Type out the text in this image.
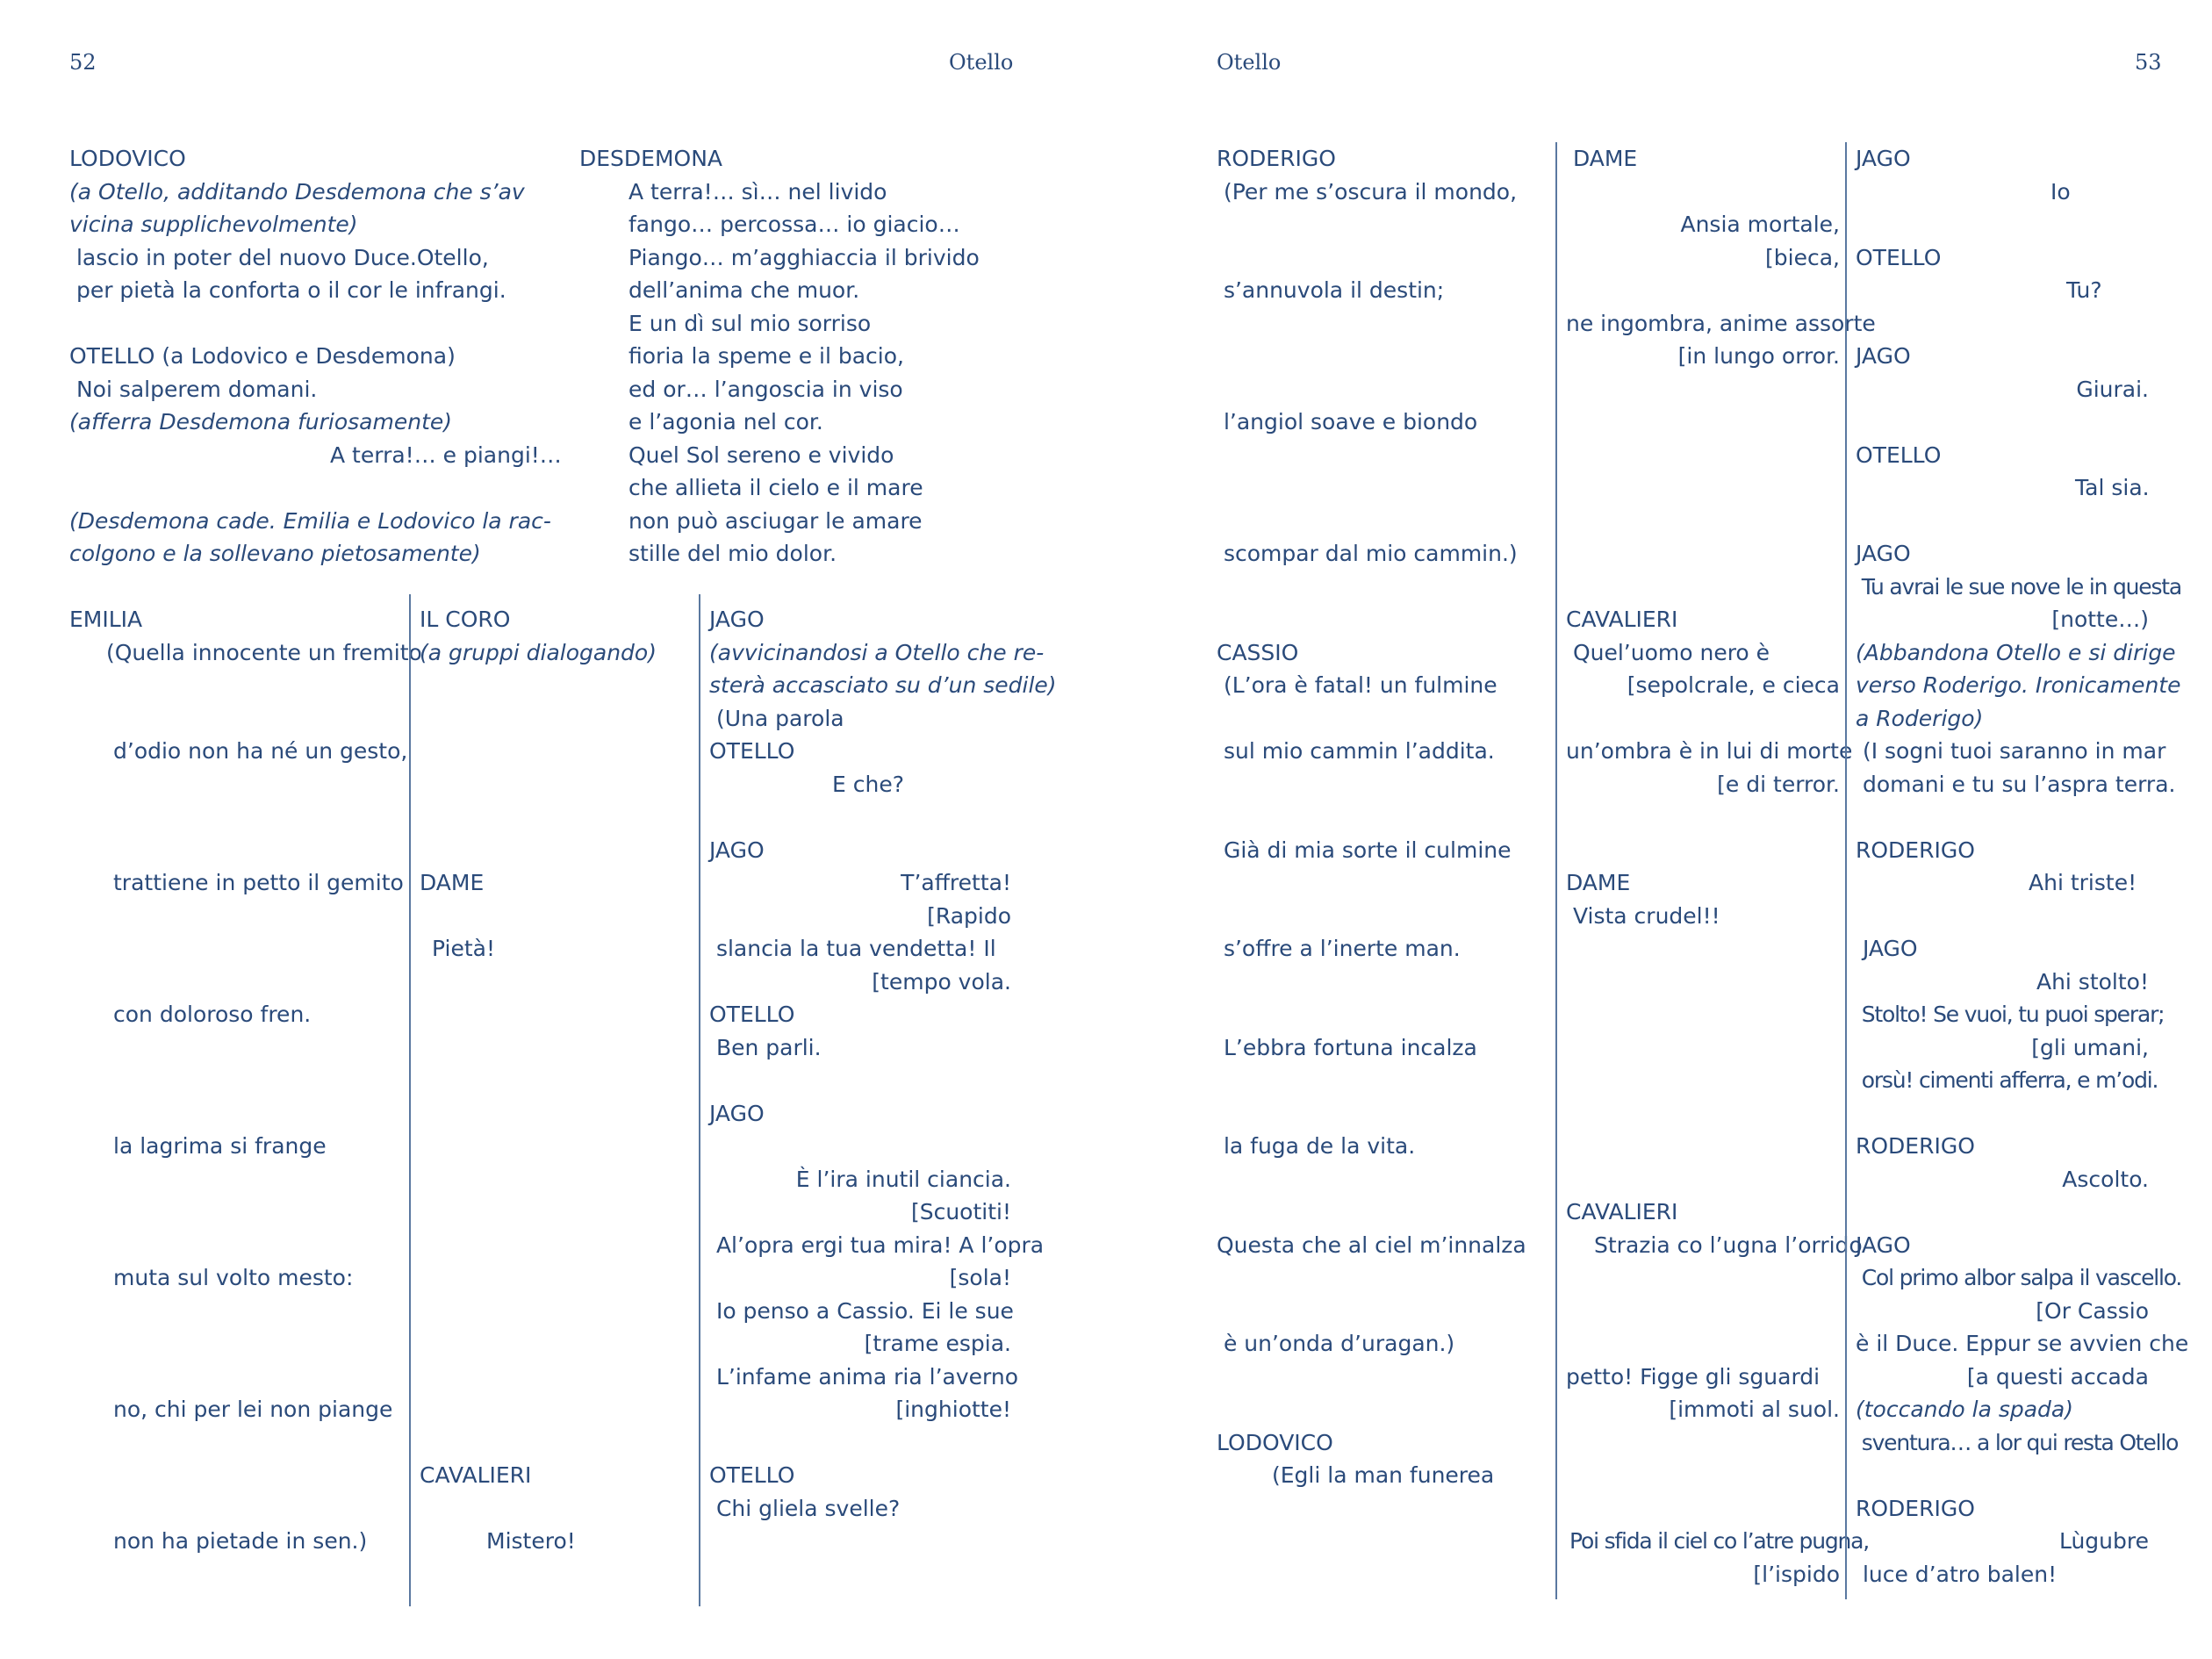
52	Otello
LODOVICO
(a Otello, additando Desdemona che s’av
vicina supplichevolmente)
lascio in poter del nuovo Duce.Otello,
per pietà la conforta o il cor le infrangi.
OTELLO (a Lodovico e Desdemona)
Noi salperem domani.
(afferra Desdemona furiosamente)
A terra!… e piangi!…
(Desdemona cade. Emilia e Lodovico la rac-
colgono e la sollevano pietosamente)
DESDEMONA
A terra!… sì… nel livido
fango… percossa… io giacio…
Piango… m’agghiaccia il brivido
dell’anima che muor.
E un dì sul mio sorriso
fioria la speme e il bacio,
ed or… l’angoscia in viso
e l’agonia nel cor.
Quel Sol sereno e vivido
che allieta il cielo e il mare
non può asciugar le amare
stille del mio dolor.
EMILIA
(Quella innocente un fremito
d’odio non ha né un gesto,
trattiene in petto il gemito
con doloroso fren.
la lagrima si frange
muta sul volto mesto:
no, chi per lei non piange
non ha pietade in sen.)
IL CORO
(a gruppi dialogando)
DAME
Pietà!
CAVALIERI
Mistero!
JAGO
(avvicinandosi a Otello che re-
sterà accasciato su d’un sedile)
(Una parola
OTELLO
E che?
JAGO
T’affretta!
[Rapido
slancia la tua vendetta! Il
[tempo vola.
OTELLO
Ben parli.
JAGO
È l’ira inutil ciancia.
[Scuotiti!
Al’opra ergi tua mira! A l’opra
[sola!
Io penso a Cassio. Ei le sue
[trame espia.
L’infame anima ria l’averno
[inghiotte!
OTELLO
Chi gliela svelle?
Otello	53
RODERIGO
(Per me s’oscura il mondo,
s’annuvola il destin;
l’angiol soave e biondo
scompar dal mio cammin.)
CASSIO
(L’ora è fatal! un fulmine
sul mio cammin l’addita.
Già di mia sorte il culmine
s’offre a l’inerte man.
L’ebbra fortuna incalza
la fuga de la vita.
Questa che al ciel m’innalza
è un’onda d’uragan.)
LODOVICO
(Egli la man funerea
DAME
Ansia mortale,
[bieca,
ne ingombra, anime assorte
[in lungo orror.
CAVALIERI
Quel’uomo nero è
[sepolcrale, e cieca
un’ombra è in lui di morte
[e di terror.
DAME
Vista crudel!!
CAVALIERI
Strazia co l’ugna l’orrido
petto! Figge gli sguardi
[immoti al suol.
Poi sfida il ciel co l’atre pugna,
[l’ispido
JAGO
Io
OTELLO
Tu?
JAGO
Giurai.
OTELLO
Tal sia.
JAGO
Tu avrai le sue nove le in questa
[notte…)
(Abbandona Otello e si dirige
verso Roderigo. Ironicamente
a Roderigo)
(I sogni tuoi saranno in mar
domani e tu su l’aspra terra.
RODERIGO
Ahi triste!
JAGO
Ahi stolto!
Stolto! Se vuoi, tu puoi sperar;
[gli umani,
orsù! cimenti afferra, e m’odi.
RODERIGO
Ascolto.
JAGO
Col primo albor salpa il vascello.
[Or Cassio
è il Duce. Eppur se avvien che
[a questi accada
(toccando la spada)
sventura… a lor qui resta Otello
RODERIGO
Lùgubre
luce d’atro balen!
